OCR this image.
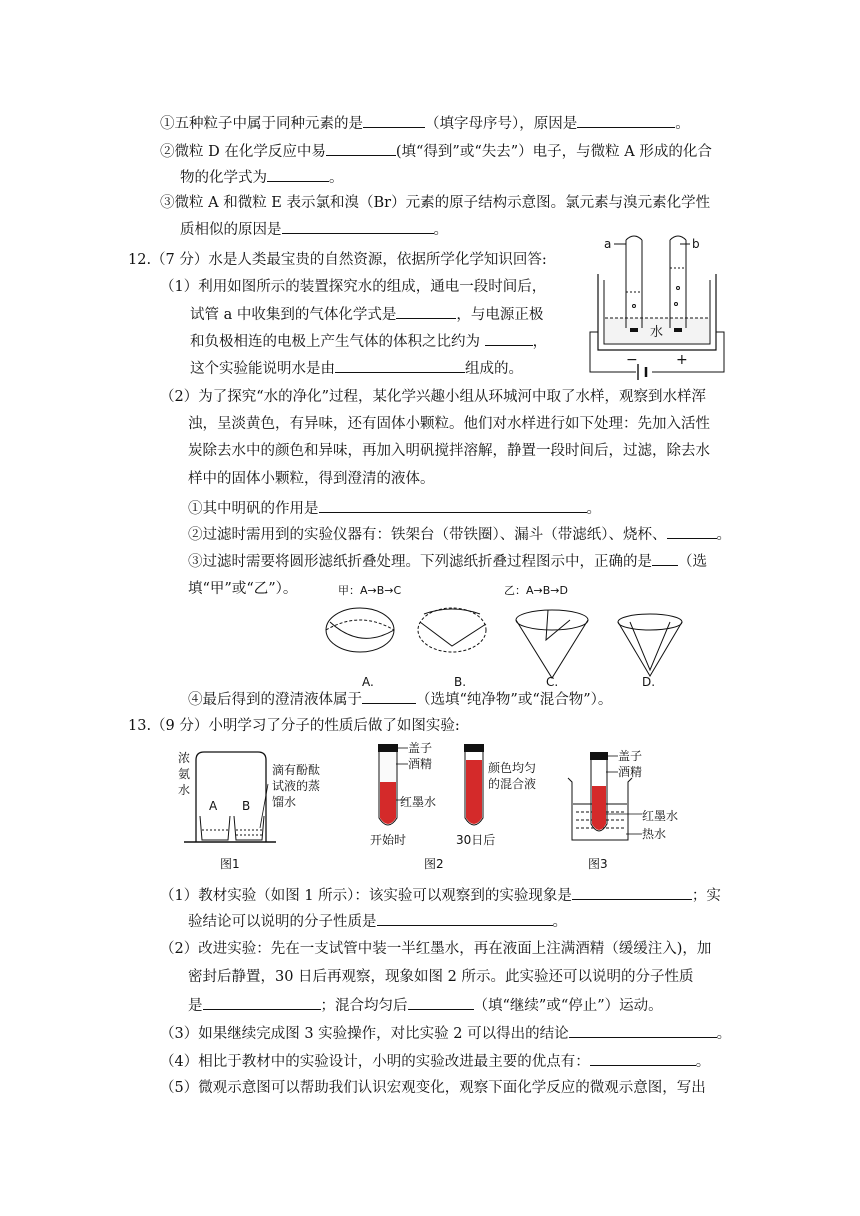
①五种粒子中属于同种元素的是	（填字母序号），原因是	。
②微粒 D 在化学反应中易	(填“得到”或“失去”）电子，与微粒 A 形成的化合
物的化学式为	。
③微粒 A 和微粒 E 表示氯和溴（Br）元素的原子结构示意图。氯元素与溴元素化学性
质相似的原因是	。
12.（7 分）水是人类最宝贵的自然资源，依据所学化学知识回答:
（1）利用如图所示的装置探究水的组成，通电一段时间后，
试管 a 中收集到的气体化学式是	，与电源正极
和负极相连的电极上产生气体的体积之比约为	，
这个实验能说明水是由	组成的。
（2）为了探究“水的净化”过程，某化学兴趣小组从环城河中取了水样，观察到水样浑
浊，呈淡黄色，有异味，还有固体小颗粒。他们对水样进行如下处理：先加入活性
炭除去水中的颜色和异味，再加入明矾搅拌溶解，静置一段时间后，过滤，除去水
样中的固体小颗粒，得到澄清的液体。
①其中明矾的作用是	。
②过滤时需用到的实验仪器有：铁架台（带铁圈）、漏斗（带滤纸）、烧杯、	。
③过滤时需要将圆形滤纸折叠处理。下列滤纸折叠过程图示中，正确的是 （选
填“甲”或“乙”）。
④最后得到的澄清液体属于	（选填“纯净物”或“混合物”）。
13.（9 分）小明学习了分子的性质后做了如图实验:
（1）教材实验（如图 1 所示）：该实验可以观察到的实验现象是	；实
验结论可以说明的分子性质是	。
（2）改进实验：先在一支试管中装一半红墨水，再在液面上注满酒精（缓缓注入)，加
密封后静置，30 日后再观察，现象如图 2 所示。此实验还可以说明的分子性质
是	；混合均匀后	（填“继续”或“停止”）运动。
（3）如果继续完成图 3 实验操作，对比实验 2 可以得出的结论	。
（4）相比于教材中的实验设计，小明的实验改进最主要的优点有：	。
（5）微观示意图可以帮助我们认识宏观变化，观察下面化学反应的微观示意图，写出
a	b
水
−	+
甲：A→B→C	乙：A→B→D
A.	B.	C.	D.
浓
氨
水
A B
滴有酚酞
试液的蒸
馏水
图1
盖子
酒精
红墨水
开始时
颜色均匀
的混合液
30日后
图2
盖子
酒精
红墨水
热水
图3
